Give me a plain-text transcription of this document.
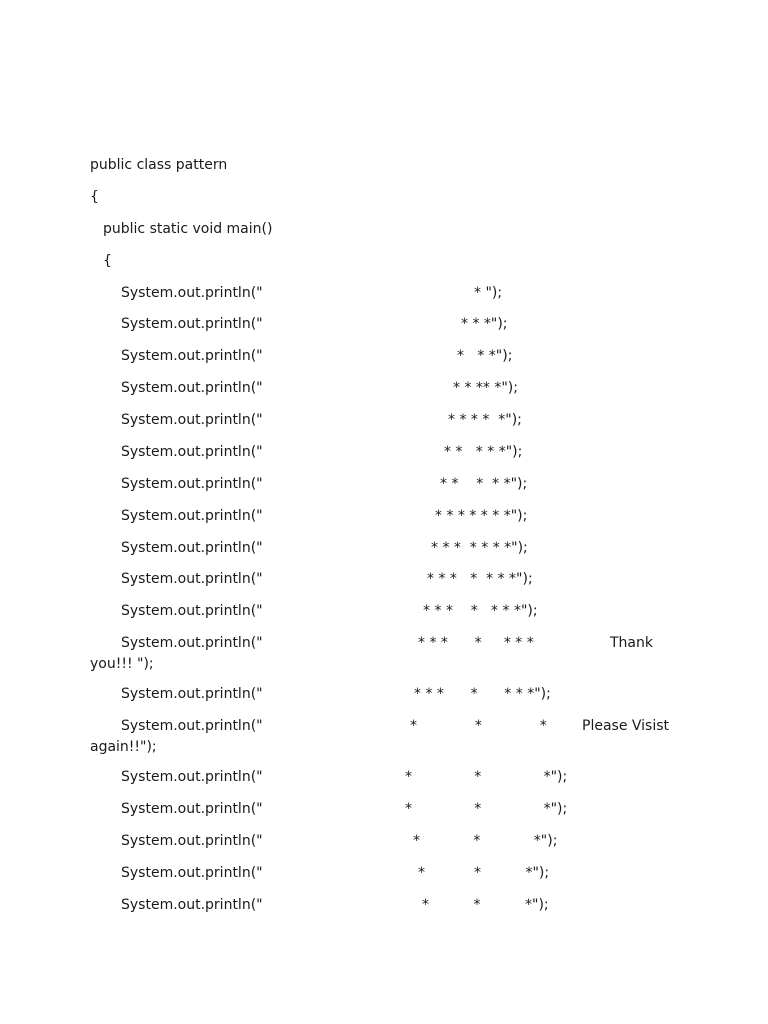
public class pattern
{
public static void main()
{
System.out.println("	* ");
System.out.println("	* * *");
System.out.println("	*   * *");
System.out.println("	* * ** *");
System.out.println("	* * * *  *");
System.out.println("	* *   * * *");
System.out.println("	* *    *  * *");
System.out.println("	* * * * * * *");
System.out.println("	* * *  * * * *");
System.out.println("	* * *   *  * * *");
System.out.println("	* * *    *   * * *");
System.out.println("	* * *      *     * * *	Thank
you!!! ");
System.out.println("	* * *      *      * * *");
System.out.println("	*             *             *	Please Visist
again!!");
System.out.println("	*              *              *");
System.out.println("	*              *              *");
System.out.println("	*            *            *");
System.out.println("	*           *          *");
System.out.println("	*          *          *");
